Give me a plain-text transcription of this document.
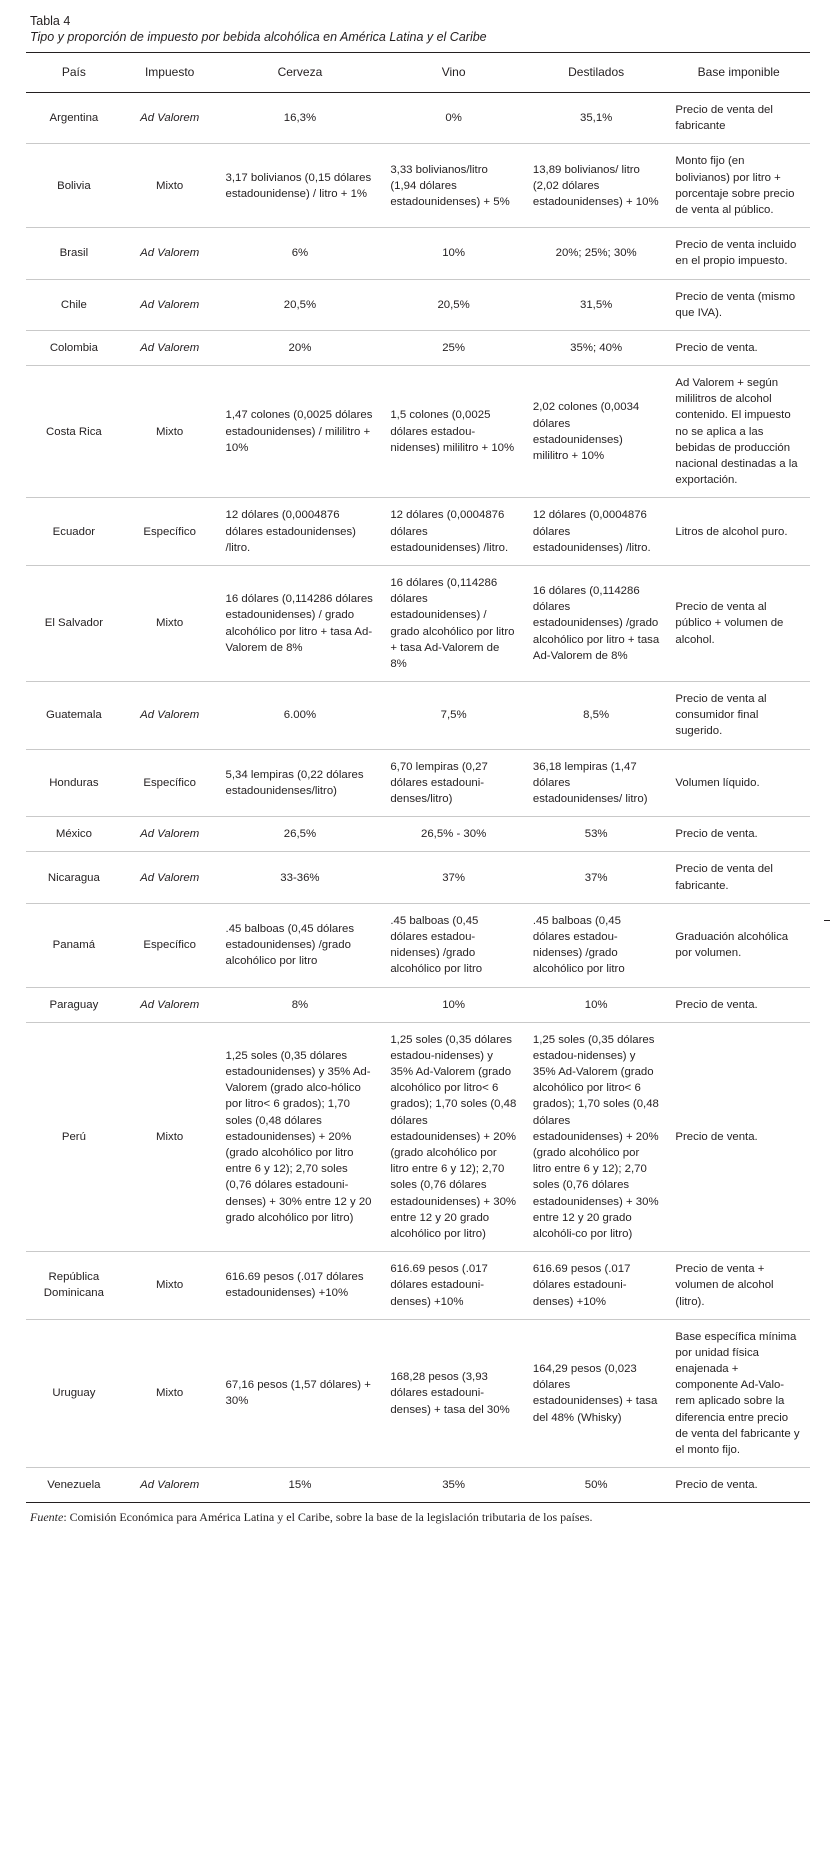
Tabla 4
Tipo y proporción de impuesto por bebida alcohólica en América Latina y el Caribe
País	Impuesto	Cerveza	Vino	Destilados	Base imponible
Argentina	Ad Valorem	16,3%	0%	35,1%	Precio de venta del fabricante
Bolivia	Mixto	3,17 bolivianos (0,15 dólares estadounidense) / litro + 1%	3,33 bolivianos/litro (1,94 dólares estadounidenses) + 5%	13,89 bolivianos/ litro (2,02 dólares estadounidenses) + 10%	Monto fijo (en bolivianos) por litro + porcentaje sobre precio de venta al público.
Brasil	Ad Valorem	6%	10%	20%; 25%; 30%	Precio de venta incluido en el propio impuesto.
Chile	Ad Valorem	20,5%	20,5%	31,5%	Precio de venta (mismo que IVA).
Colombia	Ad Valorem	20%	25%	35%; 40%	Precio de venta.
Costa Rica	Mixto	1,47 colones (0,0025 dólares estadounidenses) / mililitro + 10%	1,5 colones (0,0025 dólares estadou-nidenses) mililitro + 10%	2,02 colones (0,0034 dólares estadounidenses) mililitro + 10%	Ad Valorem + según mililitros de alcohol contenido. El impuesto no se aplica a las bebidas de producción nacional destinadas a la exportación.
Ecuador	Específico	12 dólares (0,0004876 dólares estadounidenses) /litro.	12 dólares (0,0004876 dólares estadounidenses) /litro.	12 dólares (0,0004876 dólares estadounidenses) /litro.	Litros de alcohol puro.
El Salvador	Mixto	16 dólares (0,114286 dólares estadounidenses) / grado alcohólico por litro + tasa Ad-Valorem de 8%	16 dólares (0,114286 dólares estadounidenses) / grado alcohólico por litro + tasa Ad-Valorem de 8%	16 dólares (0,114286 dólares estadounidenses) /grado alcohólico por litro + tasa Ad-Valorem de 8%	Precio de venta al público + volumen de alcohol.
Guatemala	Ad Valorem	6.00%	7,5%	8,5%	Precio de venta al consumidor final sugerido.
Honduras	Específico	5,34 lempiras (0,22 dólares estadounidenses/litro)	6,70 lempiras (0,27 dólares estadouni-denses/litro)	36,18 lempiras (1,47 dólares estadounidenses/ litro)	Volumen líquido.
México	Ad Valorem	26,5%	26,5% - 30%	53%	Precio de venta.
Nicaragua	Ad Valorem	33-36%	37%	37%	Precio de venta del fabricante.
Panamá	Específico	.45 balboas (0,45 dólares estadounidenses) /grado alcohólico por litro	.45 balboas (0,45 dólares estadou-nidenses) /grado alcohólico por litro	.45 balboas (0,45 dólares estadou-nidenses) /grado alcohólico por litro	Graduación alcohólica por volumen.
Paraguay	Ad Valorem	8%	10%	10%	Precio de venta.
Perú	Mixto	1,25 soles (0,35 dólares estadounidenses) y 35% Ad-Valorem (grado alco-hólico por litro< 6 grados); 1,70 soles (0,48 dólares estadounidenses) + 20% (grado alcohólico por litro entre 6 y 12); 2,70 soles (0,76 dólares estadouni-denses) + 30% entre 12 y 20 grado alcohólico por litro)	1,25 soles (0,35 dólares estadou-nidenses) y 35% Ad-Valorem (grado alcohólico por litro< 6 grados); 1,70 soles (0,48 dólares estadounidenses) + 20% (grado alcohólico por litro entre 6 y 12); 2,70 soles (0,76 dólares estadounidenses) + 30% entre 12 y 20 grado alcohólico por litro)	1,25 soles (0,35 dólares estadou-nidenses) y 35% Ad-Valorem (grado alcohólico por litro< 6 grados); 1,70 soles (0,48 dólares estadounidenses) + 20% (grado alcohólico por litro entre 6 y 12); 2,70 soles (0,76 dólares estadounidenses) + 30% entre 12 y 20 grado alcohóli-co por litro)	Precio de venta.
República Dominicana	Mixto	616.69 pesos (.017 dólares estadounidenses) +10%	616.69 pesos (.017 dólares estadouni-denses) +10%	616.69 pesos (.017 dólares estadouni-denses) +10%	Precio de venta + volumen de alcohol (litro).
Uruguay	Mixto	67,16 pesos (1,57 dólares) + 30%	168,28 pesos (3,93 dólares estadouni-denses) + tasa del 30%	164,29 pesos (0,023 dólares estadounidenses) + tasa del 48% (Whisky)	Base específica mínima por unidad física enajenada + componente Ad-Valo-rem aplicado sobre la diferencia entre precio de venta del fabricante y el monto fijo.
Venezuela	Ad Valorem	15%	35%	50%	Precio de venta.
Fuente: Comisión Económica para América Latina y el Caribe, sobre la base de la legislación tributaria de los países.
